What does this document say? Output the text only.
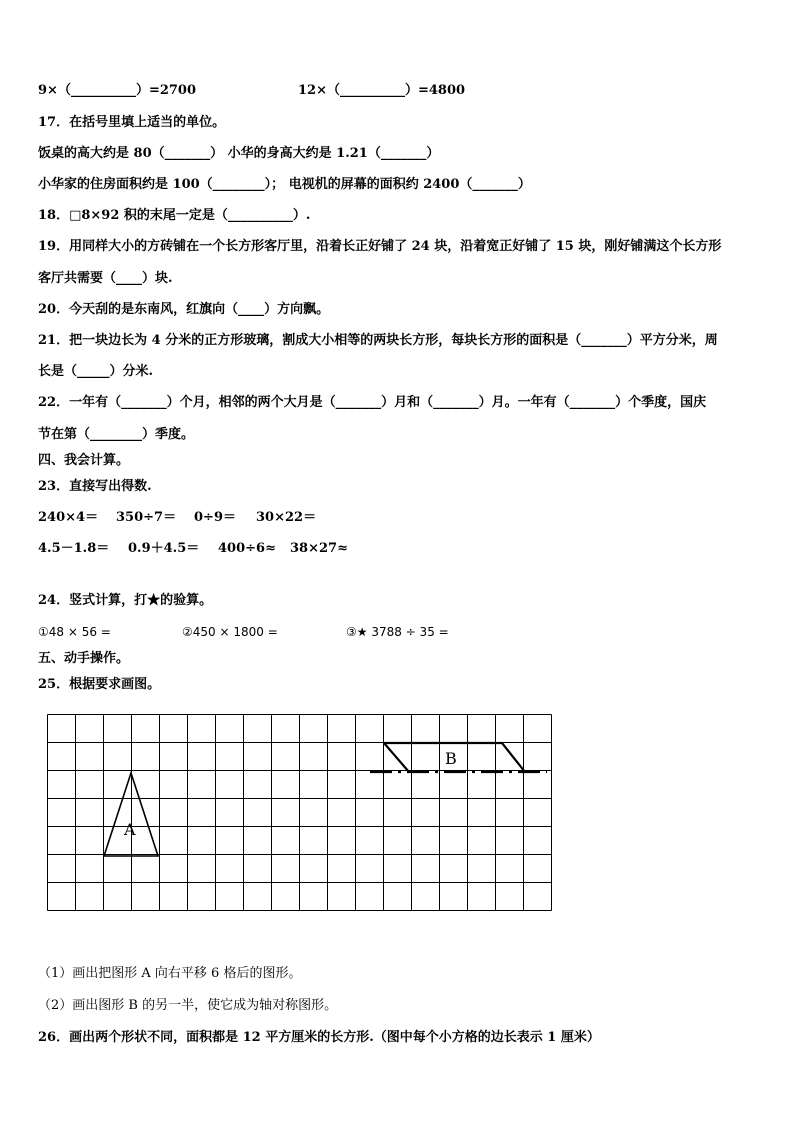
9×（__________）=2700	12×（__________）=4800
17．在括号里填上适当的单位。
饭桌的高大约是 80（_______） 小华的身高大约是 1.21（_______）
小华家的住房面积约是 100（________）； 电视机的屏幕的面积约 2400（_______）
18．□8×92 积的末尾一定是（__________）.
19．用同样大小的方砖铺在一个长方形客厅里，沿着长正好铺了 24 块，沿着宽正好铺了 15 块，刚好铺满这个长方形
客厅共需要（____）块.
20．今天刮的是东南风，红旗向（____）方向飘。
21．把一块边长为 4 分米的正方形玻璃，割成大小相等的两块长方形，每块长方形的面积是（_______）平方分米，周
长是（_____）分米.
22．一年有（_______）个月，相邻的两个大月是（_______）月和（_______）月。一年有（_______）个季度，国庆
节在第（________）季度。
四、我会计算。
23．直接写出得数.
240×4＝ 350÷7＝ 0÷9＝ 30×22＝
4.5－1.8＝ 0.9＋4.5＝ 400÷6≈ 38×27≈
24．竖式计算，打★的验算。
①48 × 56 =	②450 × 1800 =	③★ 3788 ÷ 35 =
五、动手操作。
25．根据要求画图。
A
B
（1）画出把图形 A 向右平移 6 格后的图形。
（2）画出图形 B 的另一半，使它成为轴对称图形。
26．画出两个形状不同，面积都是 12 平方厘米的长方形.（图中每个小方格的边长表示 1 厘米）
